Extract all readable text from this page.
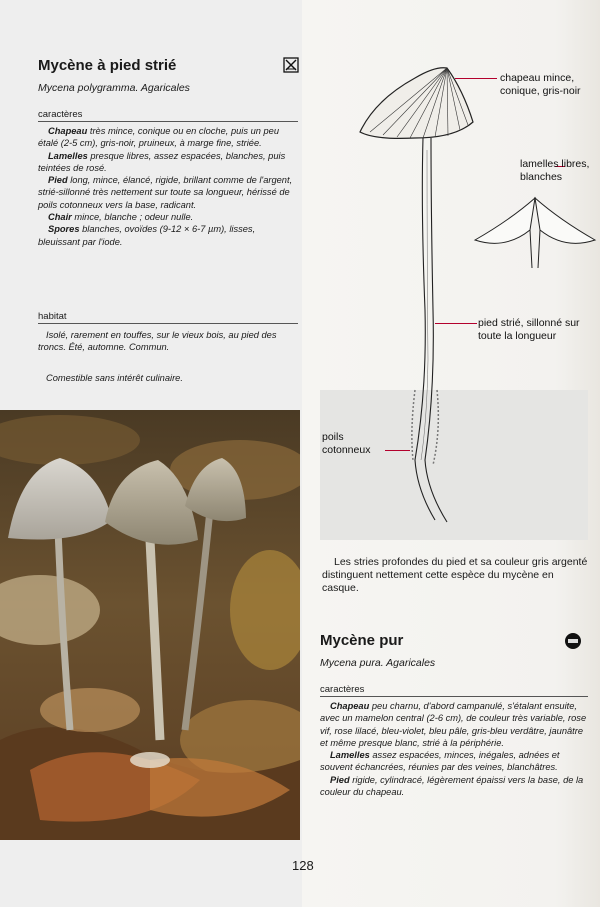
Mycène à pied strié
Mycena polygramma. Agaricales
caractères
Chapeau très mince, conique ou en cloche, puis un peu étalé (2-5 cm), gris-noir, pruineux, à marge fine, striée.
Lamelles presque libres, assez espacées, blanches, puis teintées de rosé.
Pied long, mince, élancé, rigide, brillant comme de l'argent, strié-sillonné très nettement sur toute sa longueur, hérissé de poils cotonneux vers la base, radicant.
Chair mince, blanche ; odeur nulle.
Spores blanches, ovoïdes (9-12 × 6-7 µm), lisses, bleuissant par l'iode.
habitat
Isolé, rarement en touffes, sur le vieux bois, au pied des troncs. Été, automne. Commun.
Comestible sans intérêt culinaire.
chapeau mince, conique, gris-noir
lamelles libres, blanches
pied strié, sillonné sur toute la longueur
poils cotonneux
Les stries profondes du pied et sa couleur gris argenté distinguent nettement cette espèce du mycène en casque.
Mycène pur
Mycena pura. Agaricales
caractères
Chapeau peu charnu, d'abord campanulé, s'étalant ensuite, avec un mamelon central (2-6 cm), de couleur très variable, rose vif, rose lilacé, bleu-violet, bleu pâle, gris-bleu verdâtre, jaunâtre et même presque blanc, strié à la périphérie.
Lamelles assez espacées, minces, inégales, adnées et souvent échancrées, réunies par des veines, blanchâtres.
Pied rigide, cylindracé, légèrement épaissi vers la base, de la couleur du chapeau.
128
